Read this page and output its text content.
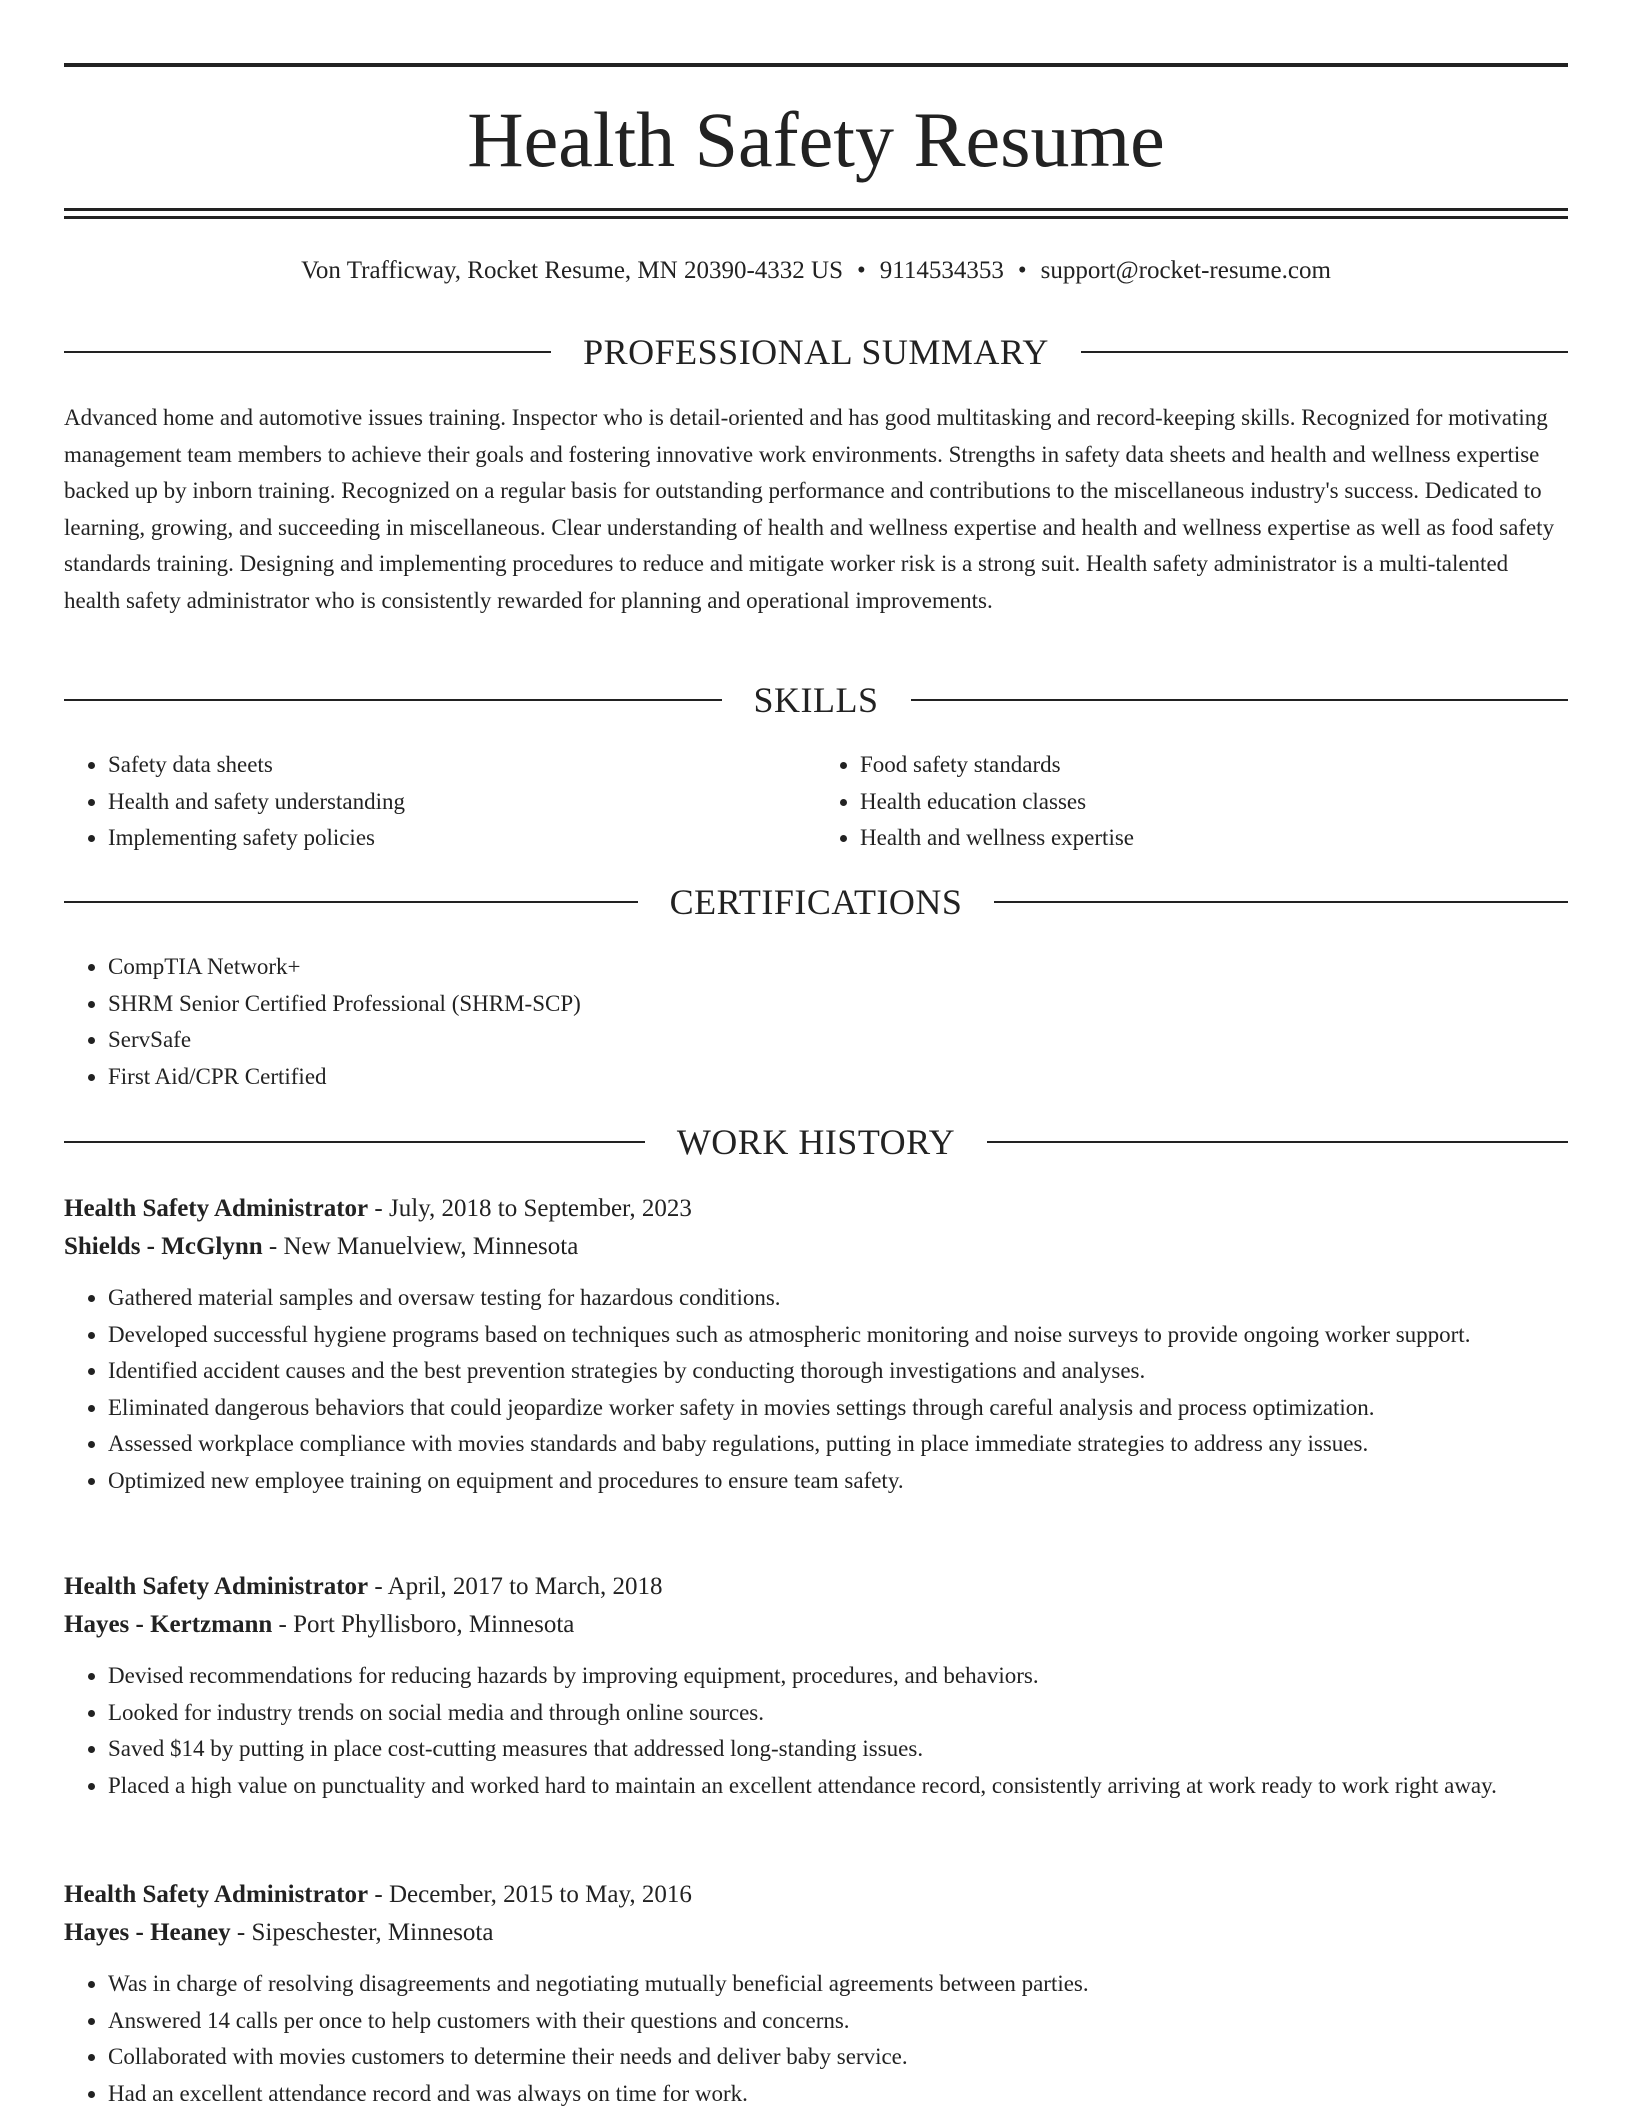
Health Safety Resume
Von Trafficway, Rocket Resume, MN 20390-4332 US • 9114534353 • support@rocket-resume.com
PROFESSIONAL SUMMARY

Advanced home and automotive issues training. Inspector who is detail-oriented and has good multitasking and record-keeping skills. Recognized for motivating management team members to achieve their goals and fostering innovative work environments. Strengths in safety data sheets and health and wellness expertise backed up by inborn training. Recognized on a regular basis for outstanding performance and contributions to the miscellaneous industry's success. Dedicated to learning, growing, and succeeding in miscellaneous. Clear understanding of health and wellness expertise and health and wellness expertise as well as food safety standards training. Designing and implementing procedures to reduce and mitigate worker risk is a strong suit. Health safety administrator is a multi-talented health safety administrator who is consistently rewarded for planning and operational improvements.

SKILLS
• Safety data sheets
• Health and safety understanding
• Implementing safety policies
• Food safety standards
• Health education classes
• Health and wellness expertise
CERTIFICATIONS
• CompTIA Network+
• SHRM Senior Certified Professional (SHRM-SCP)
• ServSafe
• First Aid/CPR Certified
WORK HISTORY

Health Safety Administrator - July, 2018 to September, 2023

Shields - McGlynn - New Manuelview, Minnesota

• Gathered material samples and oversaw testing for hazardous conditions.
• Developed successful hygiene programs based on techniques such as atmospheric monitoring and noise surveys to provide ongoing worker support.
• Identified accident causes and the best prevention strategies by conducting thorough investigations and analyses.
• Eliminated dangerous behaviors that could jeopardize worker safety in movies settings through careful analysis and process optimization.
• Assessed workplace compliance with movies standards and baby regulations, putting in place immediate strategies to address any issues.
• Optimized new employee training on equipment and procedures to ensure team safety.

Health Safety Administrator - April, 2017 to March, 2018

Hayes - Kertzmann - Port Phyllisboro, Minnesota

• Devised recommendations for reducing hazards by improving equipment, procedures, and behaviors.
• Looked for industry trends on social media and through online sources.
• Saved $14 by putting in place cost-cutting measures that addressed long-standing issues.
• Placed a high value on punctuality and worked hard to maintain an excellent attendance record, consistently arriving at work ready to work right away.

Health Safety Administrator - December, 2015 to May, 2016

Hayes - Heaney - Sipeschester, Minnesota

• Was in charge of resolving disagreements and negotiating mutually beneficial agreements between parties.
• Answered 14 calls per once to help customers with their questions and concerns.
• Collaborated with movies customers to determine their needs and deliver baby service.
• Had an excellent attendance record and was always on time for work.
